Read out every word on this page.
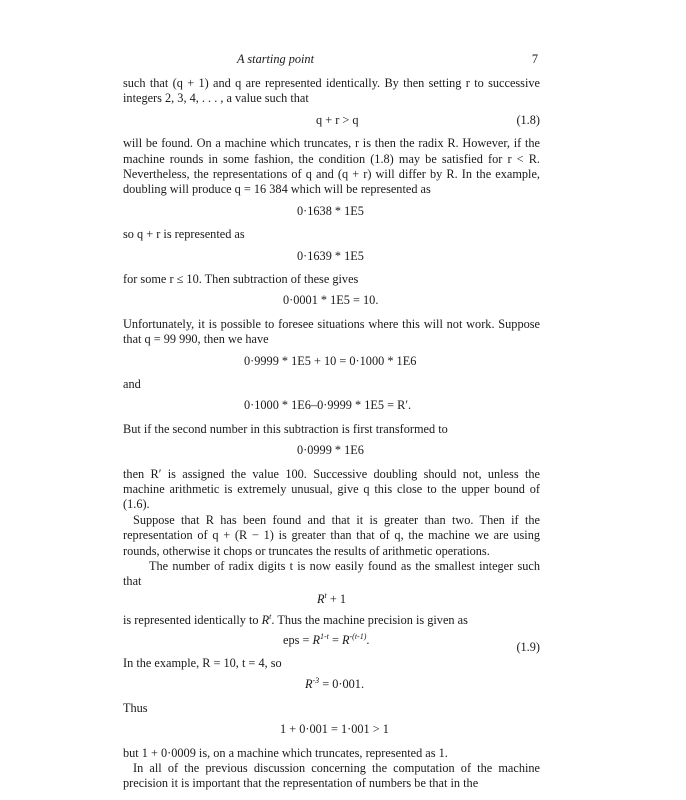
A starting point	7

such that (q + 1) and q are represented identically. By then setting r to successive integers 2, 3, 4, . . . , a value such that

q + r > q	(1.8)

will be found. On a machine which truncates, r is then the radix R. However, if the machine rounds in some fashion, the condition (1.8) may be satisfied for r < R. Nevertheless, the representations of q and (q + r) will differ by R. In the example, doubling will produce q = 16 384 which will be represented as

0·1638 * 1E5

so q + r is represented as

0·1639 * 1E5

for some r ≤ 10. Then subtraction of these gives

0·0001 * 1E5 = 10.

Unfortunately, it is possible to foresee situations where this will not work. Suppose that q = 99 990, then we have

0·9999 * 1E5 + 10 = 0·1000 * 1E6

and

0·1000 * 1E6–0·9999 * 1E5 = R′.

But if the second number in this subtraction is first transformed to

0·0999 * 1E6

then R′ is assigned the value 100. Successive doubling should not, unless the machine arithmetic is extremely unusual, give q this close to the upper bound of (1.6).

Suppose that R has been found and that it is greater than two. Then if the representation of q + (R − 1) is greater than that of q, the machine we are using rounds, otherwise it chops or truncates the results of arithmetic operations.

The number of radix digits t is now easily found as the smallest integer such that

$R^t + 1$

is represented identically to $R^t$. Thus the machine precision is given as

eps = $R^{1-t} = R^{-(t-1)}$.	(1.9)

In the example, R = 10, t = 4, so

$R^{-3} = 0\cdot 001$.

Thus

1 + 0·001 = 1·001 > 1

but 1 + 0·0009 is, on a machine which truncates, represented as 1.

In all of the previous discussion concerning the computation of the machine precision it is important that the representation of numbers be that in the
